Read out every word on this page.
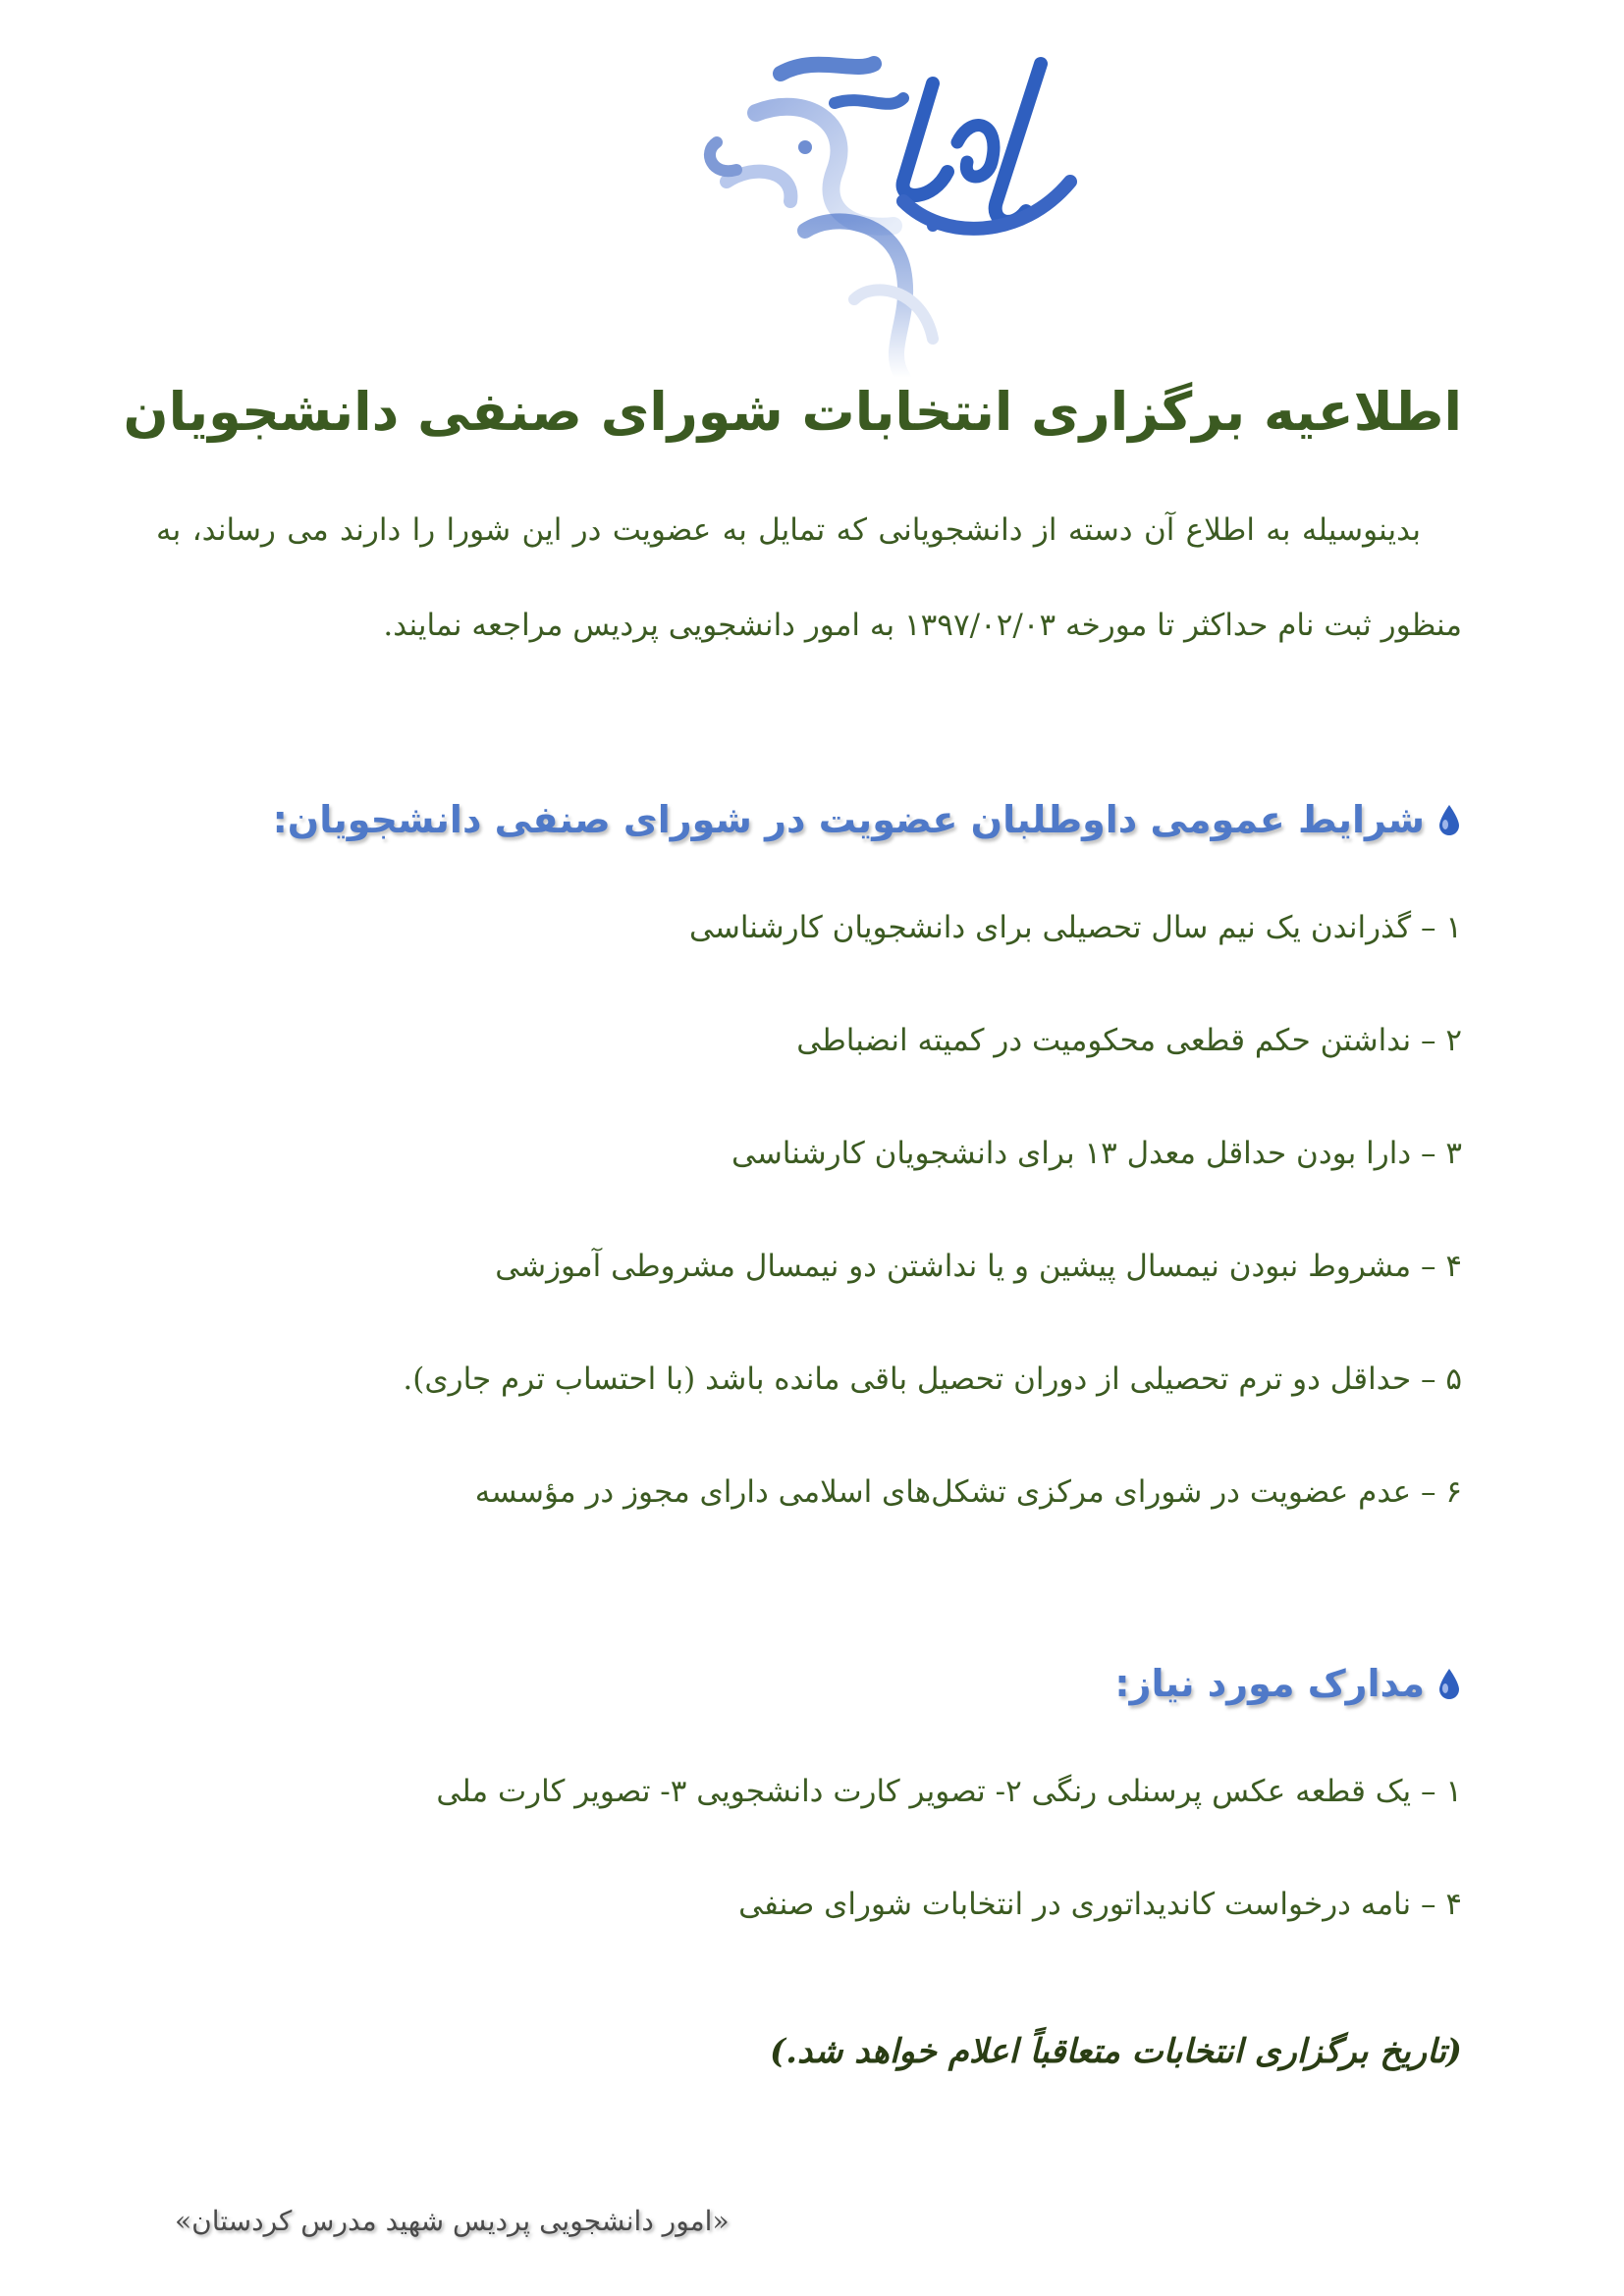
اطلاعیه برگزاری انتخابات شورای صنفی دانشجویان
بدینوسیله به اطلاع آن دسته از دانشجویانی که تمایل به عضویت در این شورا را دارند می رساند، به منظور ثبت نام حداکثر تا مورخه ۱۳۹۷/۰۲/۰۳ به امور دانشجویی پردیس مراجعه نمایند.
شرایط عمومی داوطلبان عضویت در شورای صنفی دانشجویان:
۱ – گذراندن یک نیم سال تحصیلی برای دانشجویان کارشناسی
۲ – نداشتن حکم قطعی محکومیت در کمیته انضباطی
۳ – دارا بودن حداقل معدل ۱۳ برای دانشجویان کارشناسی
۴ – مشروط نبودن نیمسال پیشین و یا نداشتن دو نیمسال مشروطی آموزشی
۵ – حداقل دو ترم تحصیلی از دوران تحصیل باقی مانده باشد (با احتساب ترم جاری).
۶ – عدم عضویت در شورای مرکزی تشکل‌های اسلامی دارای مجوز در مؤسسه
مدارک مورد نیاز:
۱ – یک قطعه عکس پرسنلی رنگی ۲- تصویر کارت دانشجویی ۳- تصویر کارت ملی
۴ – نامه درخواست کاندیداتوری در انتخابات شورای صنفی
(تاریخ برگزاری انتخابات متعاقباً اعلام خواهد شد.)
«امور دانشجویی پردیس شهید مدرس کردستان»
